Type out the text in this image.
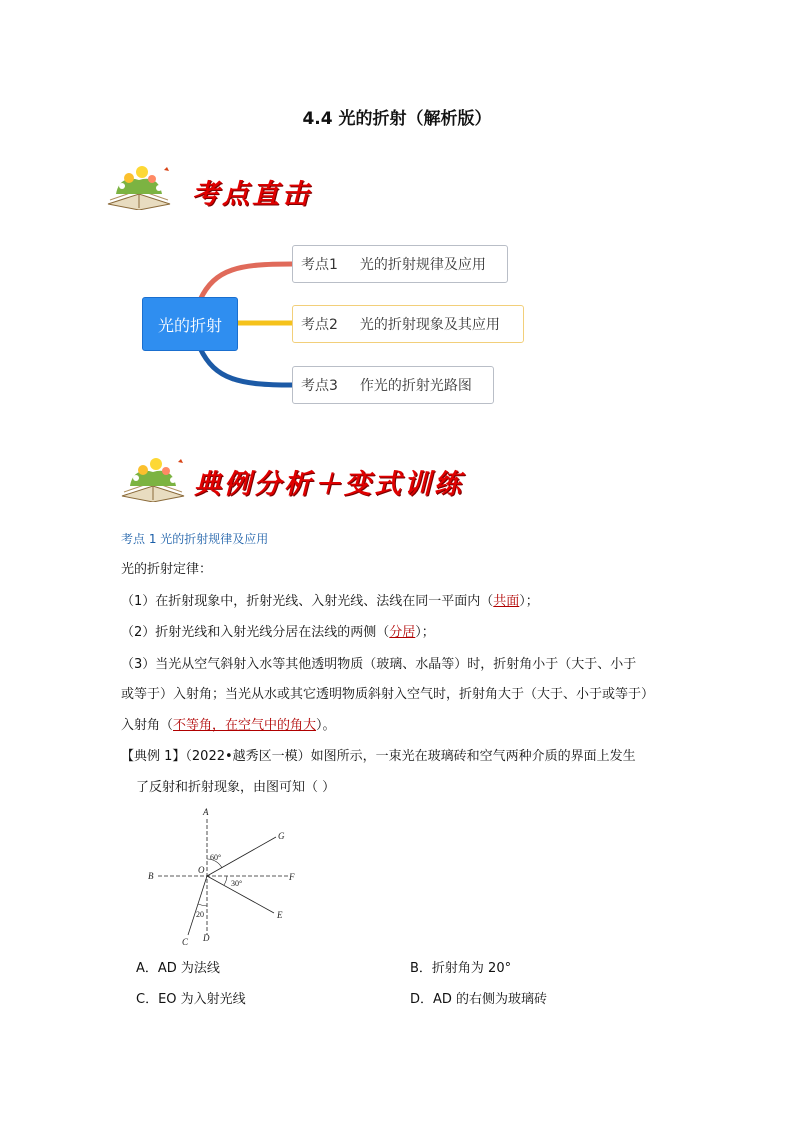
4.4 光的折射（解析版）
考点直击
光的折射
考点1 光的折射规律及应用
考点2 光的折射现象及其应用
考点3 作光的折射光路图
典例分析＋变式训练
考点 1 光的折射规律及应用
光的折射定律：
（1）在折射现象中，折射光线、入射光线、法线在同一平面内（共面）；
（2）折射光线和入射光线分居在法线的两侧（分居）；
（3）当光从空气斜射入水等其他透明物质（玻璃、水晶等）时，折射角小于（大于、小于
或等于）入射角；当光从水或其它透明物质斜射入空气时，折射角大于（大于、小于或等于）
入射角（不等角，在空气中的角大）。
【典例 1】（2022•越秀区一模）如图所示，一束光在玻璃砖和空气两种介质的界面上发生
了反射和折射现象，由图可知（ ）
A
B
C D
E
F
G
O
60°
30°
20
A．AD 为法线	B．折射角为 20°
C．EO 为入射光线	D．AD 的右侧为玻璃砖
